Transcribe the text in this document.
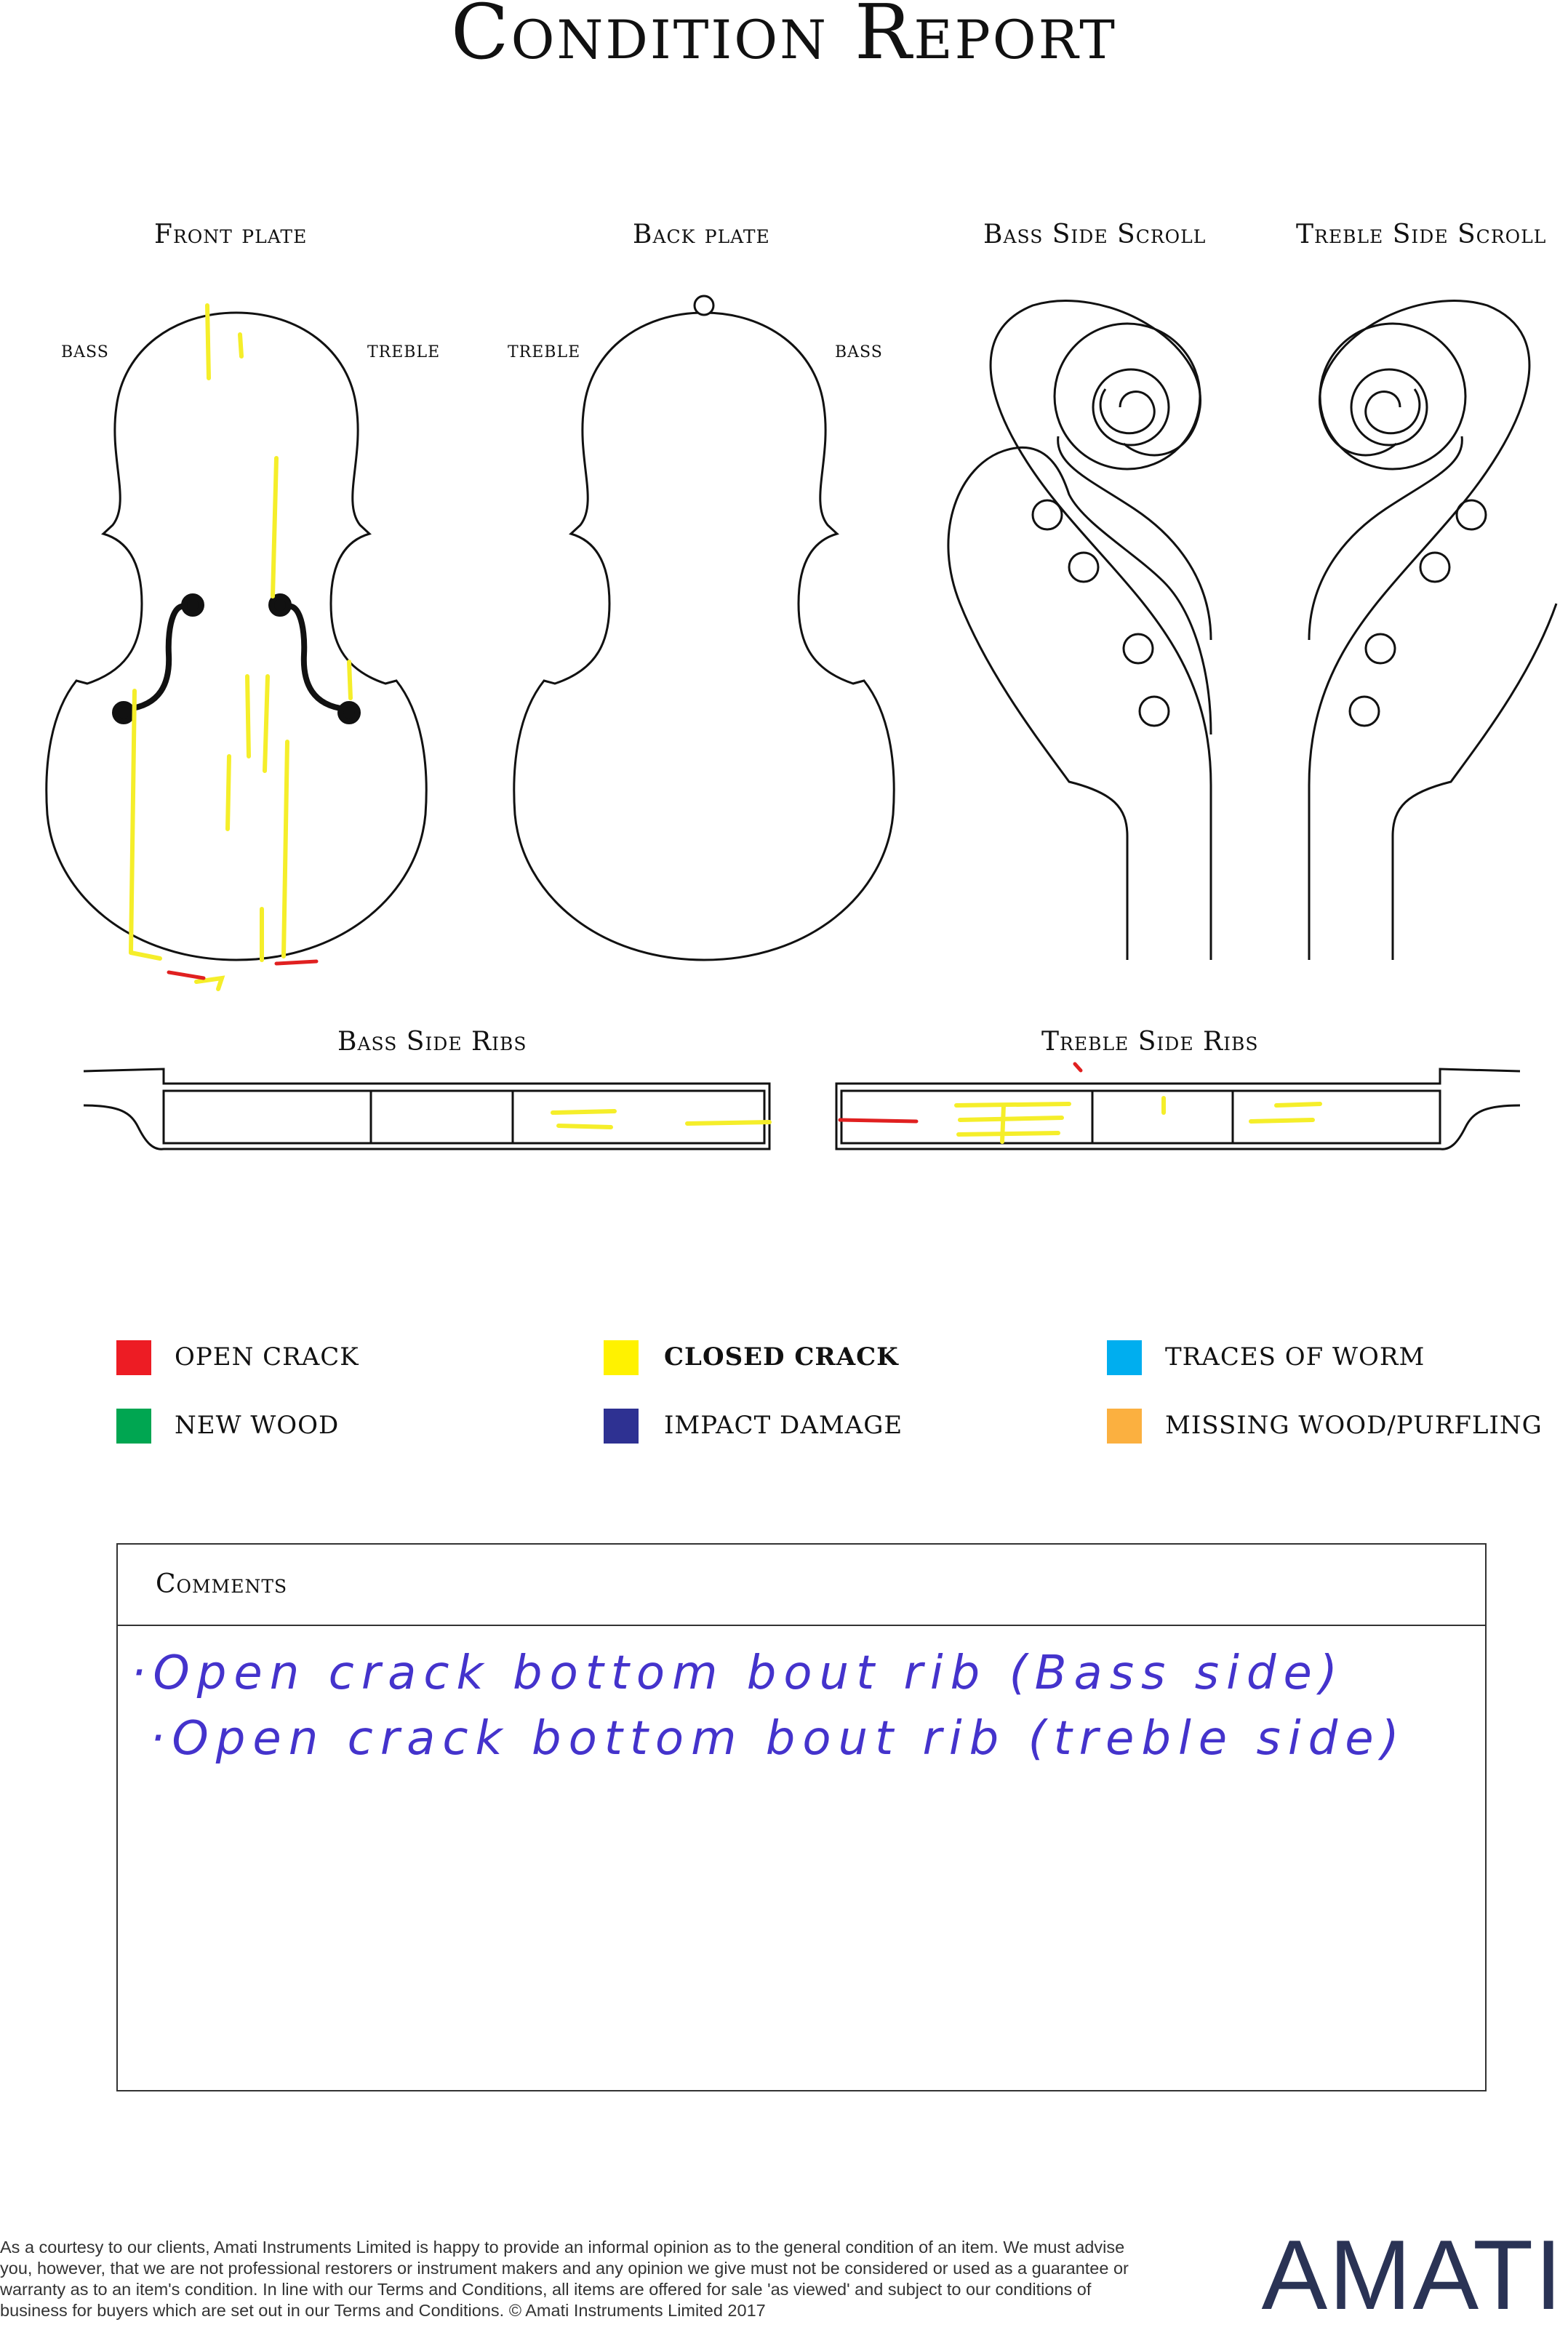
Condition Report
Front plate	Back plate	Bass Side Scroll	Treble Side Scroll
Bass Side Ribs	Treble Side Ribs
BASS	TREBLE	TREBLE	BASS
OPEN CRACK	CLOSED CRACK	TRACES OF WORM
NEW WOOD	IMPACT DAMAGE	MISSING WOOD/PURFLING
Comments
·Open crack bottom bout rib (Bass side)
·Open crack bottom bout rib (treble side)
As a courtesy to our clients, Amati Instruments Limited is happy to provide an informal opinion as to the general condition of an item. We must advise you, however, that we are not professional restorers or instrument makers and any opinion we give must not be considered or used as a guarantee or warranty as to an item's condition. In line with our Terms and Conditions, all items are offered for sale 'as viewed' and subject to our conditions of business for buyers which are set out in our Terms and Conditions. © Amati Instruments Limited 2017	AMATI
